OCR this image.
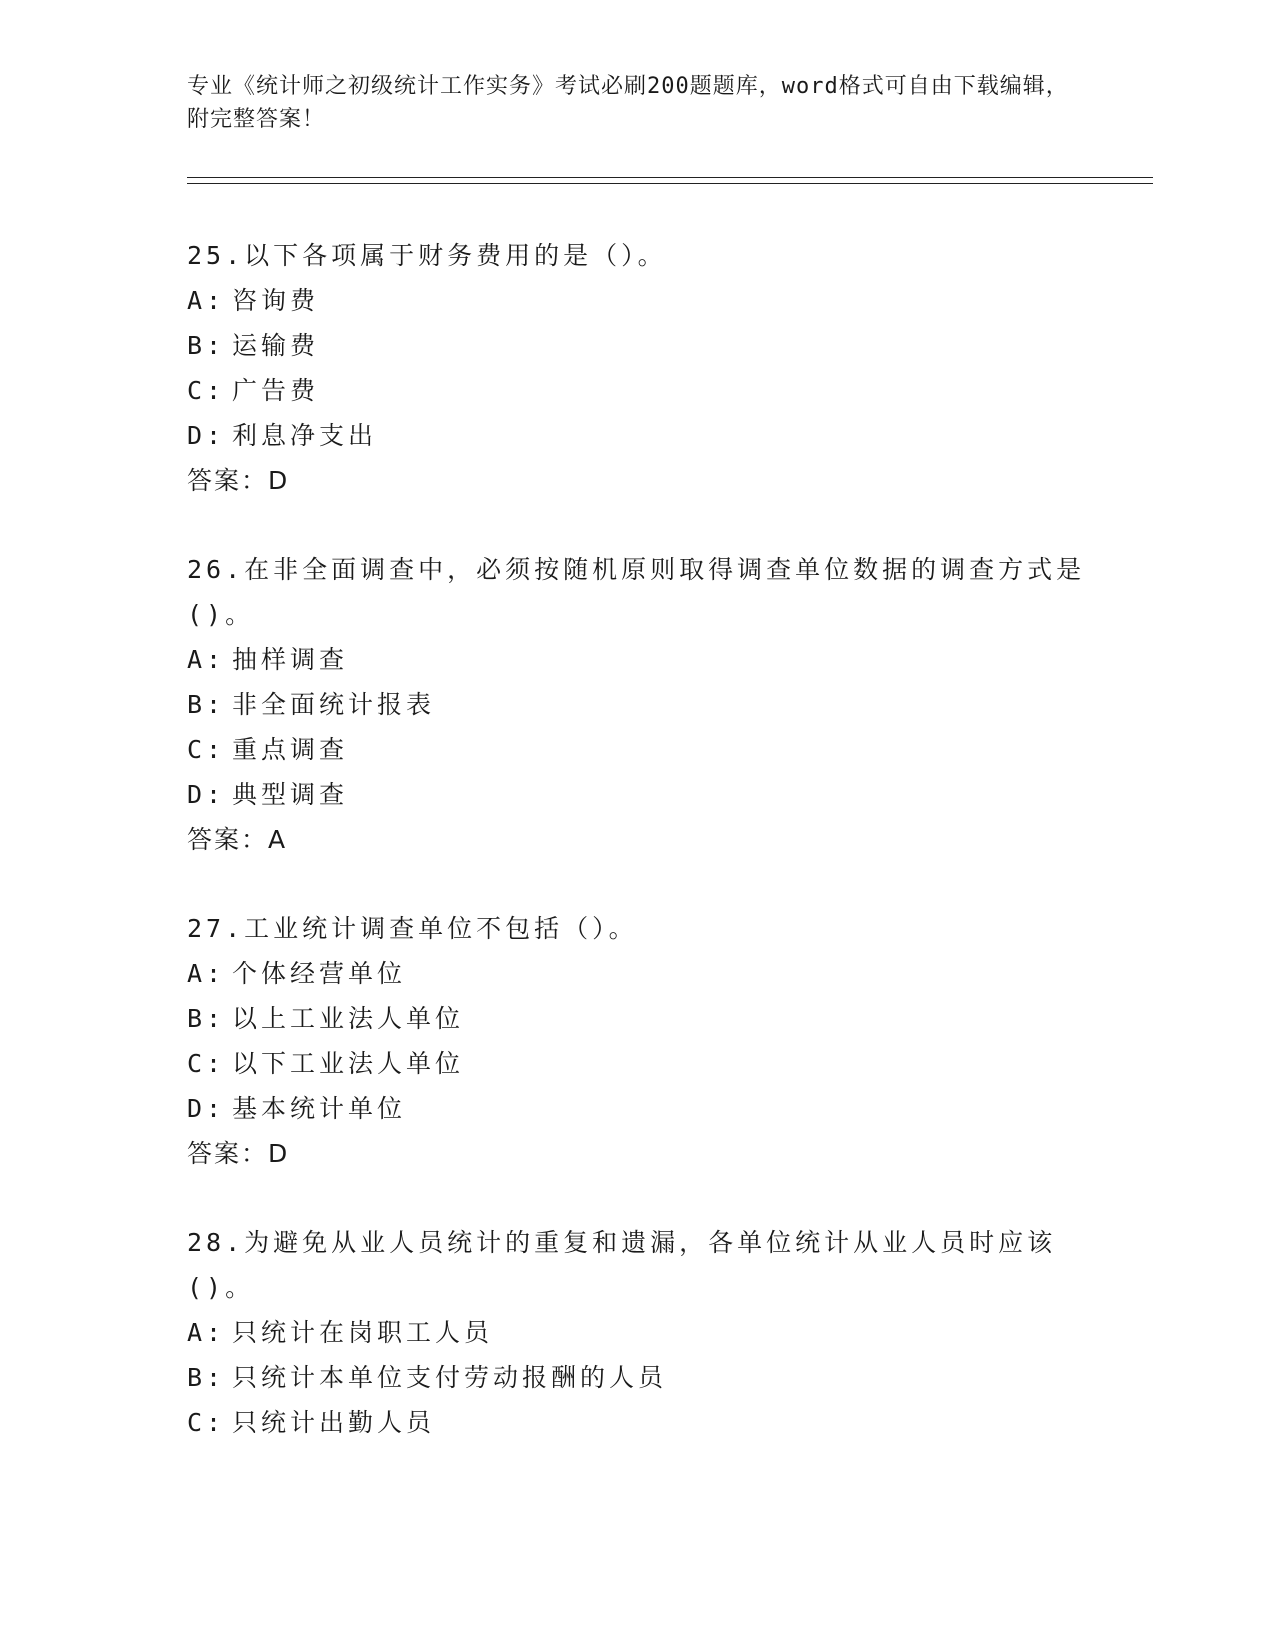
专业《统计师之初级统计工作实务》考试必刷200题题库，word格式可自由下载编辑，附完整答案！
25.以下各项属于财务费用的是（）。
A: 咨询费
B: 运输费
C: 广告费
D: 利息净支出
答案：D
26.在非全面调查中，必须按随机原则取得调查单位数据的调查方式是()。
A: 抽样调查
B: 非全面统计报表
C: 重点调查
D: 典型调查
答案：A
27.工业统计调查单位不包括（）。
A: 个体经营单位
B: 以上工业法人单位
C: 以下工业法人单位
D: 基本统计单位
答案：D
28.为避免从业人员统计的重复和遗漏，各单位统计从业人员时应该()。
A: 只统计在岗职工人员
B: 只统计本单位支付劳动报酬的人员
C: 只统计出勤人员
